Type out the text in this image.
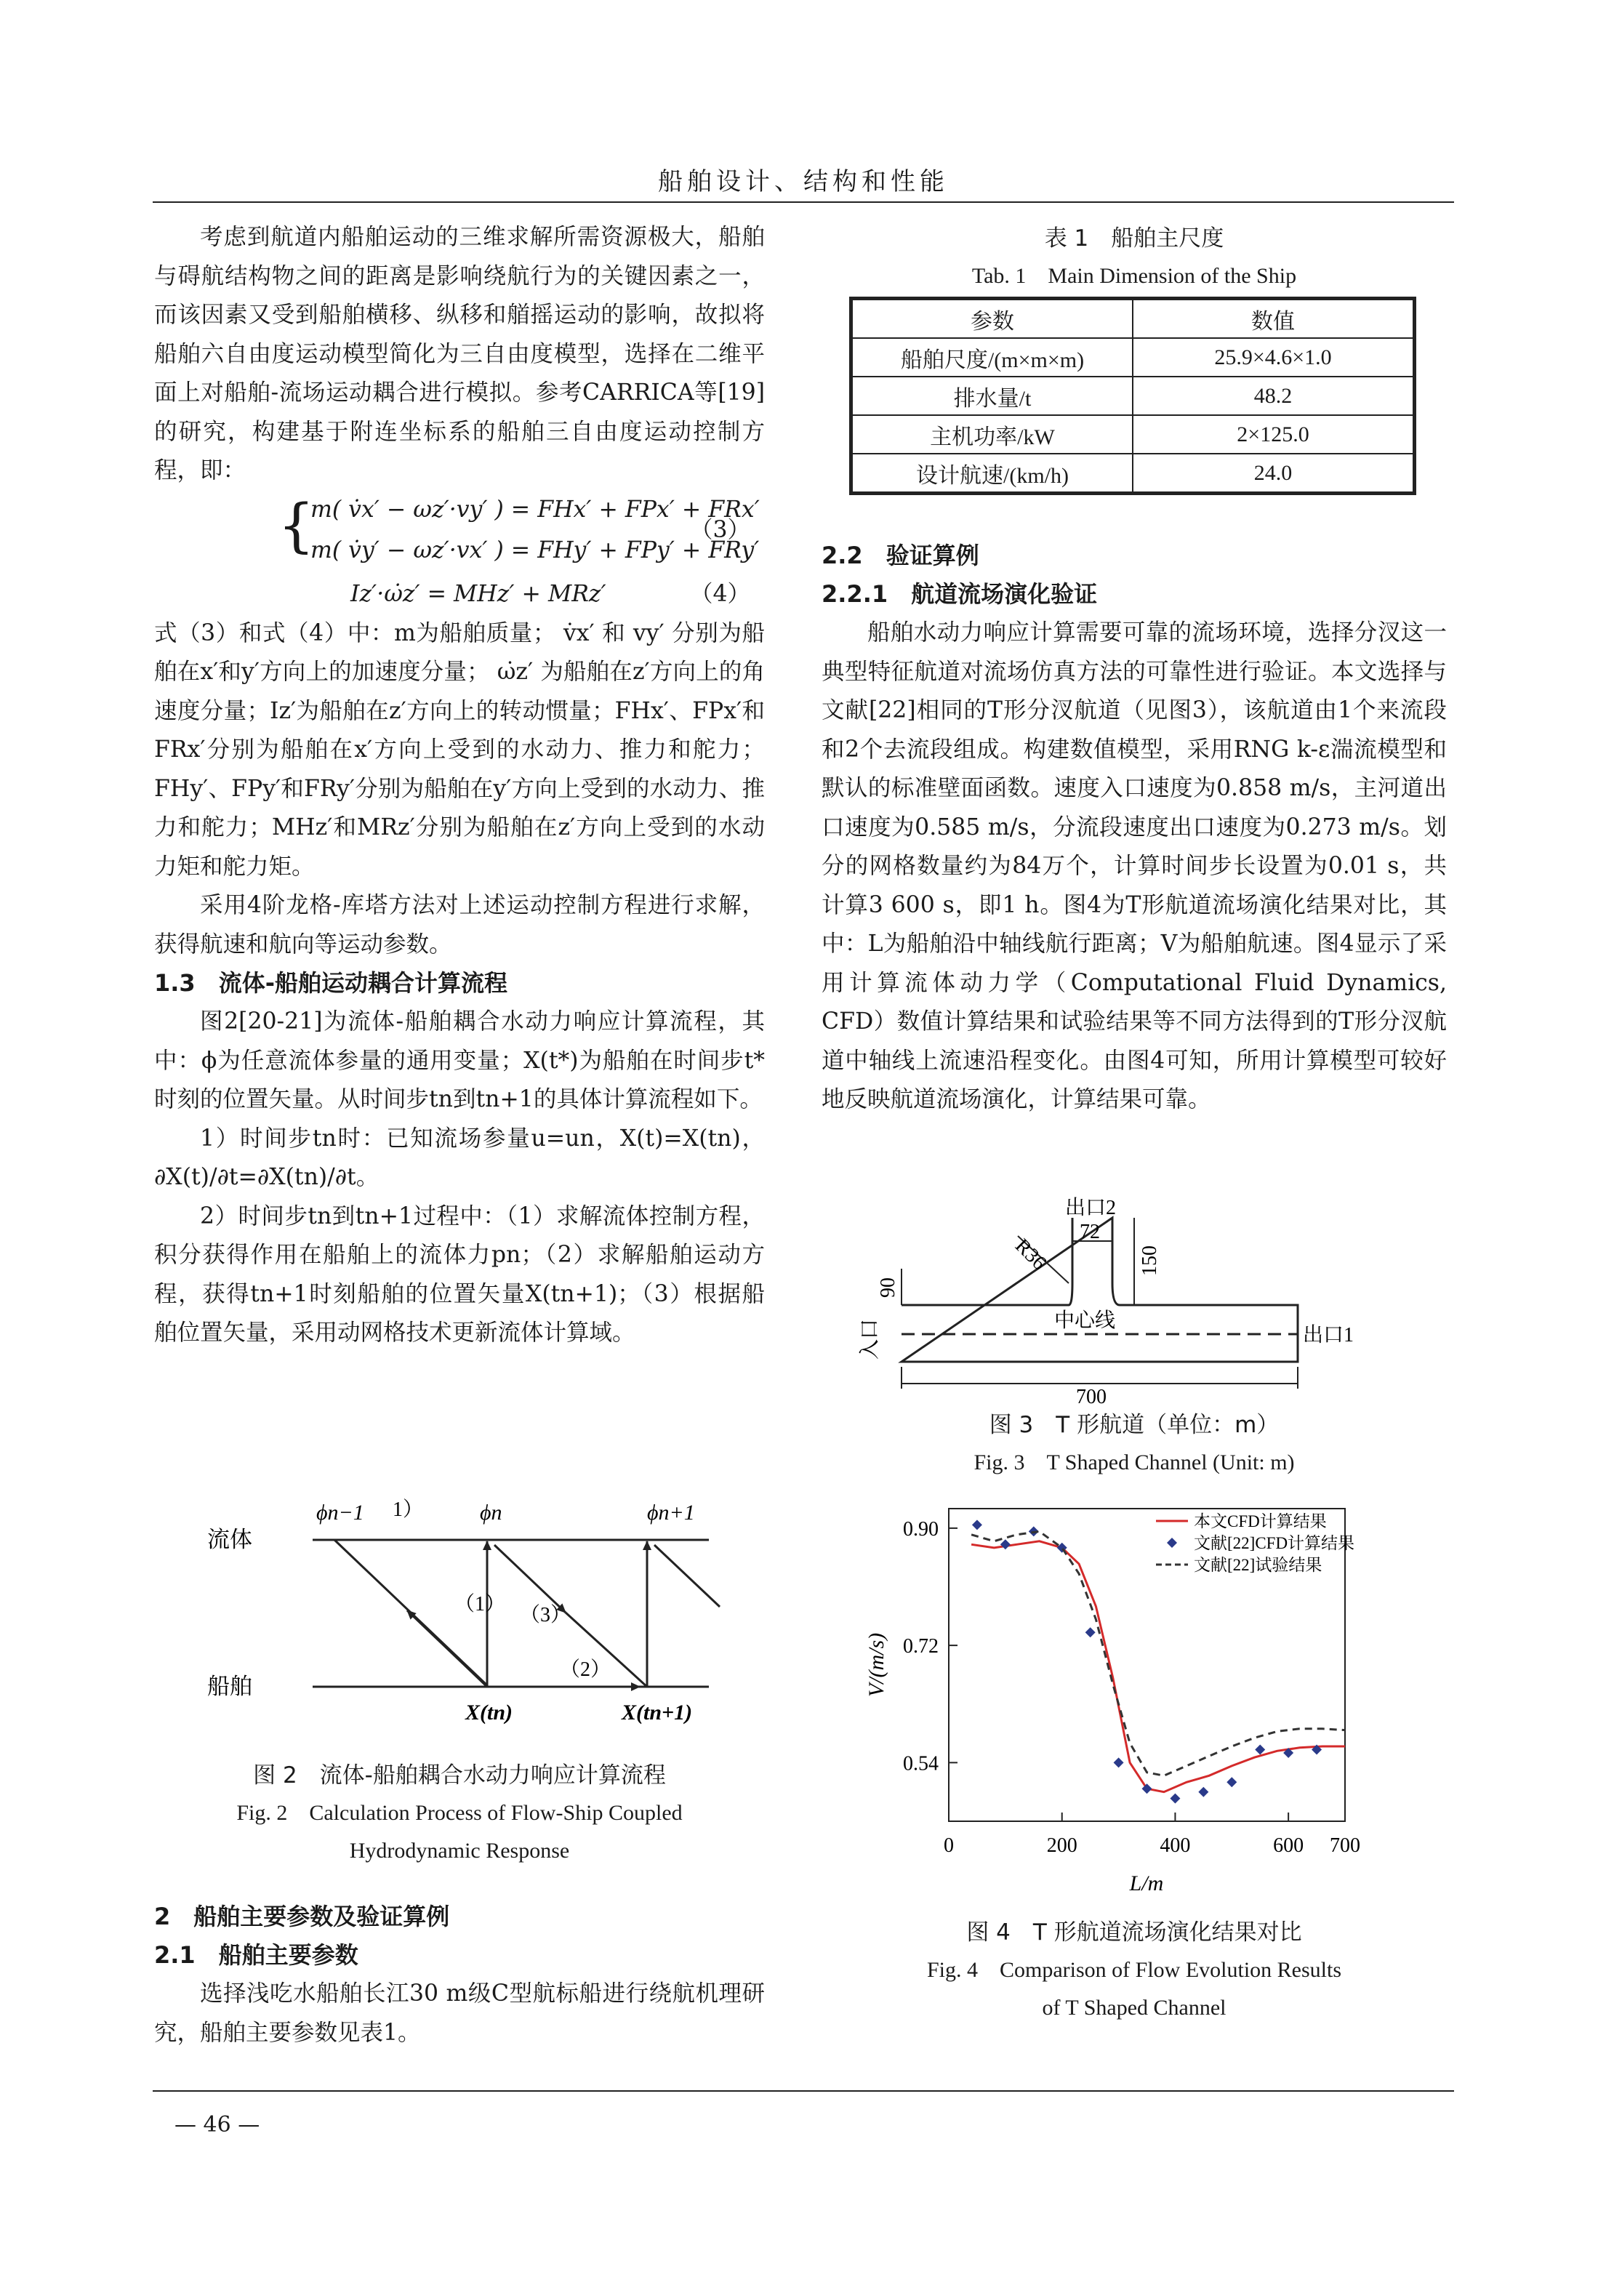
船舶设计、结构和性能

考虑到航道内船舶运动的三维求解所需资源极大，船舶与碍航结构物之间的距离是影响绕航行为的关键因素之一，而该因素又受到船舶横移、纵移和艏摇运动的影响，故拟将船舶六自由度运动模型简化为三自由度模型，选择在二维平面上对船舶-流场运动耦合进行模拟。参考CARRICA等[19]的研究，构建基于附连坐标系的船舶三自由度运动控制方程，即：

{
m( v̇x′ − ωz′·vy′ ) = FHx′ + FPx′ + FRx′
m( v̇y′ − ωz′·vx′ ) = FHy′ + FPy′ + FRy′
（3）
Iz′·ω̇z′ = MHz′ + MRz′	（4）

式（3）和式（4）中：m为船舶质量； v̇x′ 和 vy′ 分别为船舶在x′和y′方向上的加速度分量； ω̇z′ 为船舶在z′方向上的角速度分量；Iz′为船舶在z′方向上的转动惯量；FHx′、FPx′和FRx′分别为船舶在x′方向上受到的水动力、推力和舵力；FHy′、FPy′和FRy′分别为船舶在y′方向上受到的水动力、推力和舵力；MHz′和MRz′分别为船舶在z′方向上受到的水动力矩和舵力矩。

采用4阶龙格-库塔方法对上述运动控制方程进行求解，获得航速和航向等运动参数。

1.3　流体-船舶运动耦合计算流程

图2[20-21]为流体-船舶耦合水动力响应计算流程，其中：ϕ为任意流体参量的通用变量；X(t*)为船舶在时间步t*时刻的位置矢量。从时间步tn到tn+1的具体计算流程如下。

1）时间步tn时：已知流场参量u=un，X(t)=X(tn)，∂X(t)/∂t=∂X(tn)/∂t。

2）时间步tn到tn+1过程中：（1）求解流体控制方程，积分获得作用在船舶上的流体力pn；（2）求解船舶运动方程，获得tn+1时刻船舶的位置矢量X(tn+1)；（3）根据船舶位置矢量，采用动网格技术更新流体计算域。

流体
船舶
ϕn−1 1）	ϕn	ϕn+1
（1） （3）
（2）
X(tn)	X(tn+1)
图 2　流体-船舶耦合水动力响应计算流程
Fig. 2　Calculation Process of Flow-Ship Coupled
Hydrodynamic Response

2　船舶主要参数及验证算例

2.1　船舶主要参数

选择浅吃水船舶长江30 m级C型航标船进行绕航机理研究，船舶主要参数见表1。

表 1　船舶主尺度
Tab. 1　Main Dimension of the Ship
参数	数值
船舶尺度/(m×m×m)	25.9×4.6×1.0
排水量/t	48.2
主机功率/kW	2×125.0
设计航速/(km/h)	24.0

2.2　验证算例

2.2.1　航道流场演化验证

船舶水动力响应计算需要可靠的流场环境，选择分汊这一典型特征航道对流场仿真方法的可靠性进行验证。本文选择与文献[22]相同的T形分汊航道（见图3），该航道由1个来流段和2个去流段组成。构建数值模型，采用RNG k-ε湍流模型和默认的标准壁面函数。速度入口速度为0.858 m/s，主河道出口速度为0.585 m/s，分流段速度出口速度为0.273 m/s。划分的网格数量约为84万个，计算时间步长设置为0.01 s，共计算3 600 s，即1 h。图4为T形航道流场演化结果对比，其中：L为船舶沿中轴线航行距离；V为船舶航速。图4显示了采用计算流体动力学（Computational Fluid Dynamics, CFD）数值计算结果和试验结果等不同方法得到的T形分汊航道中轴线上流速沿程变化。由图4可知，所用计算模型可较好地反映航道流场演化，计算结果可靠。

出口2
R36
72
150
90
入口	中心线
出口1
700
图 3　T 形航道（单位：m）
Fig. 3　T Shaped Channel (Unit: m)
0.54
0.72
0.90
0	200	400	600 700
本文CFD计算结果
文献[22]CFD计算结果
文献[22]试验结果
L/m
V/(m/s)
图 4　T 形航道流场演化结果对比
Fig. 4　Comparison of Flow Evolution Results
of T Shaped Channel
— 46 —
